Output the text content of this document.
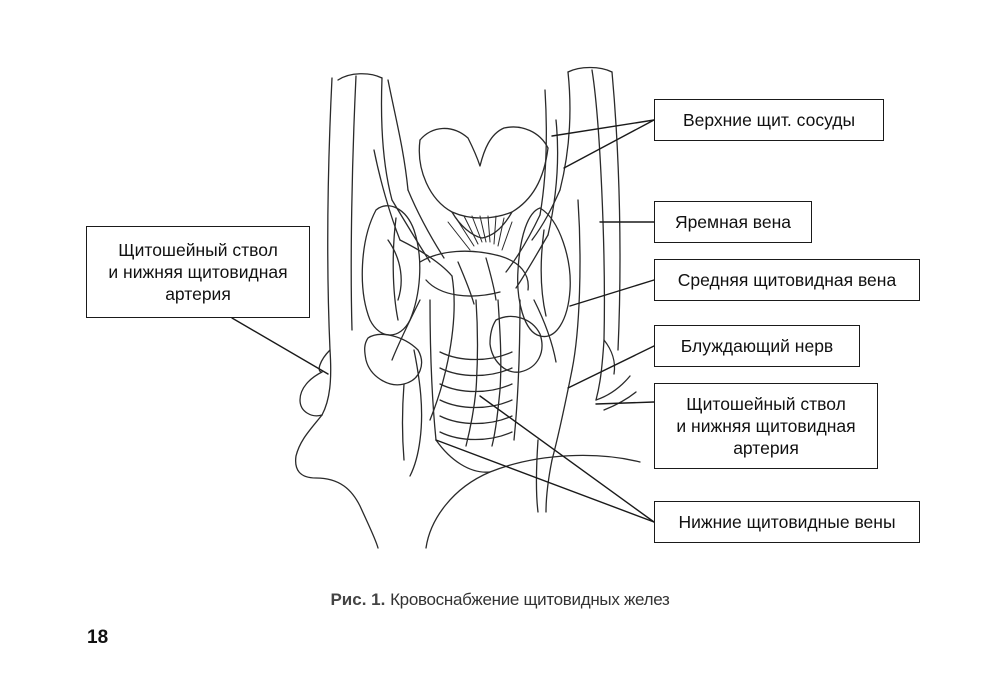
Верхние щит. сосуды
Яремная вена
Средняя щитовидная вена
Блуждающий нерв
Щитошейный ствол
и нижняя щитовидная
артерия
Нижние щитовидные вены
Щитошейный ствол
и нижняя щитовидная
артерия
Рис. 1. Кровоснабжение щитовидных желез
18
